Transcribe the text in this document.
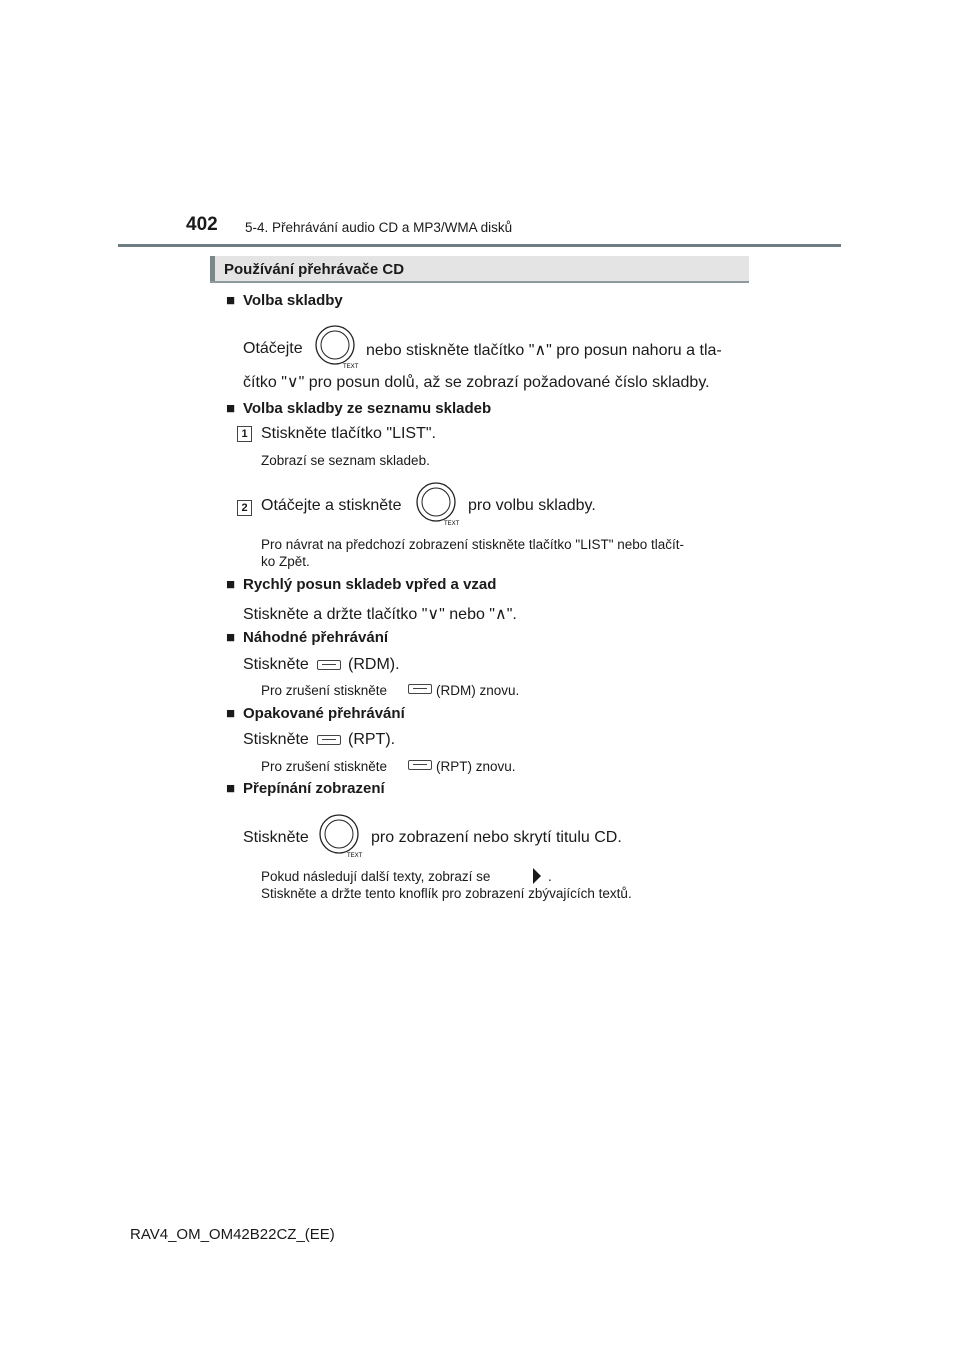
402 5-4. Přehrávání audio CD a MP3/WMA disků
Používání přehrávače CD
■ Volba skladby
Otáčejte
TEXT
nebo stiskněte tlačítko "∧" pro posun nahoru a tla-
čítko "∨" pro posun dolů, až se zobrazí požadované číslo skladby.
■ Volba skladby ze seznamu skladeb
1 Stiskněte tlačítko "LIST".
Zobrazí se seznam skladeb.
2 Otáčejte a stiskněte
TEXT
pro volbu skladby.
Pro návrat na předchozí zobrazení stiskněte tlačítko "LIST" nebo tlačít-
ko Zpět.
■ Rychlý posun skladeb vpřed a vzad
Stiskněte a držte tlačítko "∨" nebo "∧".
■ Náhodné přehrávání
Stiskněte (RDM).
Pro zrušení stiskněte	(RDM) znovu.
■ Opakované přehrávání
Stiskněte (RPT).
Pro zrušení stiskněte	(RPT) znovu.
■ Přepínání zobrazení
Stiskněte
TEXT
pro zobrazení nebo skrytí titulu CD.
Pokud následují další texty, zobrazí se	.
Stiskněte a držte tento knoflík pro zobrazení zbývajících textů.
RAV4_OM_OM42B22CZ_(EE)
